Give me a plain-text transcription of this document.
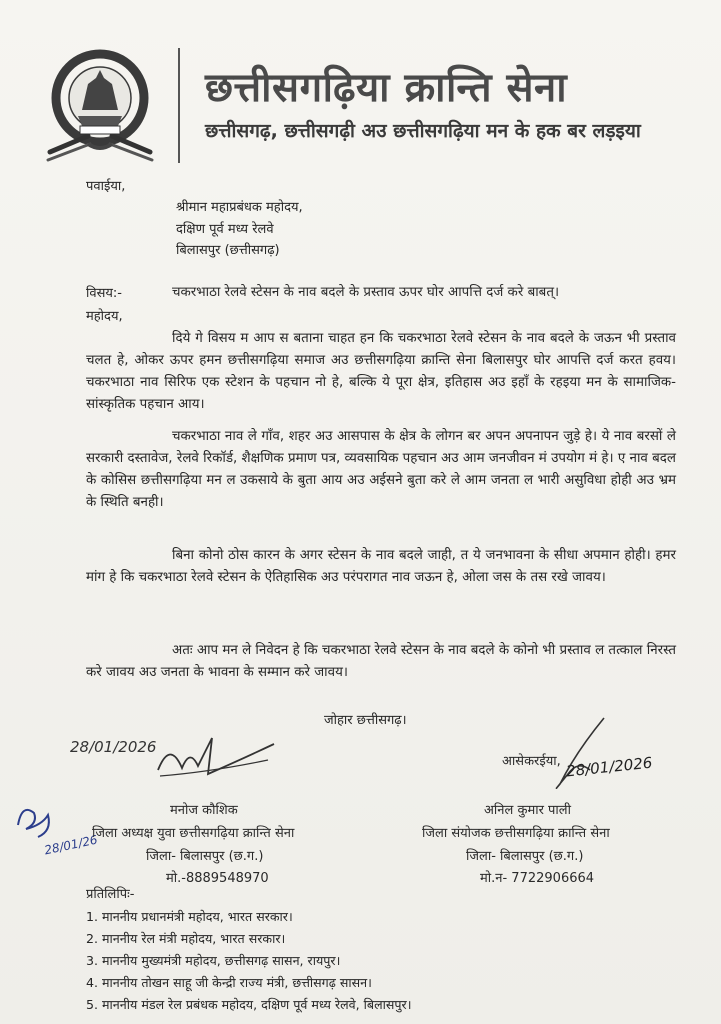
छत्तीसगढ़िया क्रान्ति सेना
छत्तीसगढ़, छत्तीसगढ़ी अउ छत्तीसगढ़िया मन के हक बर लड़इया
पवाईया,
श्रीमान महाप्रबंधक महोदय,
दक्षिण पूर्व मध्य रेलवे
बिलासपुर (छत्तीसगढ़)
विसय:-	चकरभाठा रेलवे स्टेसन के नाव बदले के प्रस्ताव ऊपर घोर आपत्ति दर्ज करे बाबत्।
महोदय,
दिये गे विसय म आप स बताना चाहत हन कि चकरभाठा रेलवे स्टेसन के नाव बदले के जऊन भी प्रस्ताव चलत हे, ओकर ऊपर हमन छत्तीसगढ़िया समाज अउ छत्तीसगढ़िया क्रान्ति सेना बिलासपुर घोर आपत्ति दर्ज करत हवय। चकरभाठा नाव सिरिफ एक स्टेशन के पहचान नो हे, बल्कि ये पूरा क्षेत्र, इतिहास अउ इहाँ के रहइया मन के सामाजिक-सांस्कृतिक पहचान आय।
चकरभाठा नाव ले गाँव, शहर अउ आसपास के क्षेत्र के लोगन बर अपन अपनापन जुड़े हे। ये नाव बरसों ले सरकारी दस्तावेज, रेलवे रिकॉर्ड, शैक्षणिक प्रमाण पत्र, व्यवसायिक पहचान अउ आम जनजीवन मं उपयोग मं हे। ए नाव बदल के कोसिस छत्तीसगढ़िया मन ल उकसाये के बुता आय अउ अईसने बुता करे ले आम जनता ल भारी असुविधा होही अउ भ्रम के स्थिति बनही।
बिना कोनो ठोस कारन के अगर स्टेसन के नाव बदले जाही, त ये जनभावना के सीधा अपमान होही। हमर मांग हे कि चकरभाठा रेलवे स्टेसन के ऐतिहासिक अउ परंपरागत नाव जऊन हे, ओला जस के तस रखे जावय।
अतः आप मन ले निवेदन हे कि चकरभाठा रेलवे स्टेसन के नाव बदले के कोनो भी प्रस्ताव ल तत्काल निरस्त करे जावय अउ जनता के भावना के सम्मान करे जावय।
जोहार छत्तीसगढ़।
28/01/2026
28/01/26
मनोज कौशिक
जिला अध्यक्ष युवा छत्तीसगढ़िया क्रान्ति सेना
जिला- बिलासपुर (छ.ग.)
मो.-8889548970
आसेकरईया, 28/01/2026
अनिल कुमार पाली
जिला संयोजक छत्तीसगढ़िया क्रान्ति सेना
जिला- बिलासपुर (छ.ग.)
मो.न- 7722906664
प्रतिलिपिः-
1. माननीय प्रधानमंत्री महोदय, भारत सरकार।
2. माननीय रेल मंत्री महोदय, भारत सरकार।
3. माननीय मुख्यमंत्री महोदय, छत्तीसगढ़ सासन, रायपुर।
4. माननीय तोखन साहू जी केन्द्री राज्य मंत्री, छत्तीसगढ़ सासन।
5. माननीय मंडल रेल प्रबंधक महोदय, दक्षिण पूर्व मध्य रेलवे, बिलासपुर।
